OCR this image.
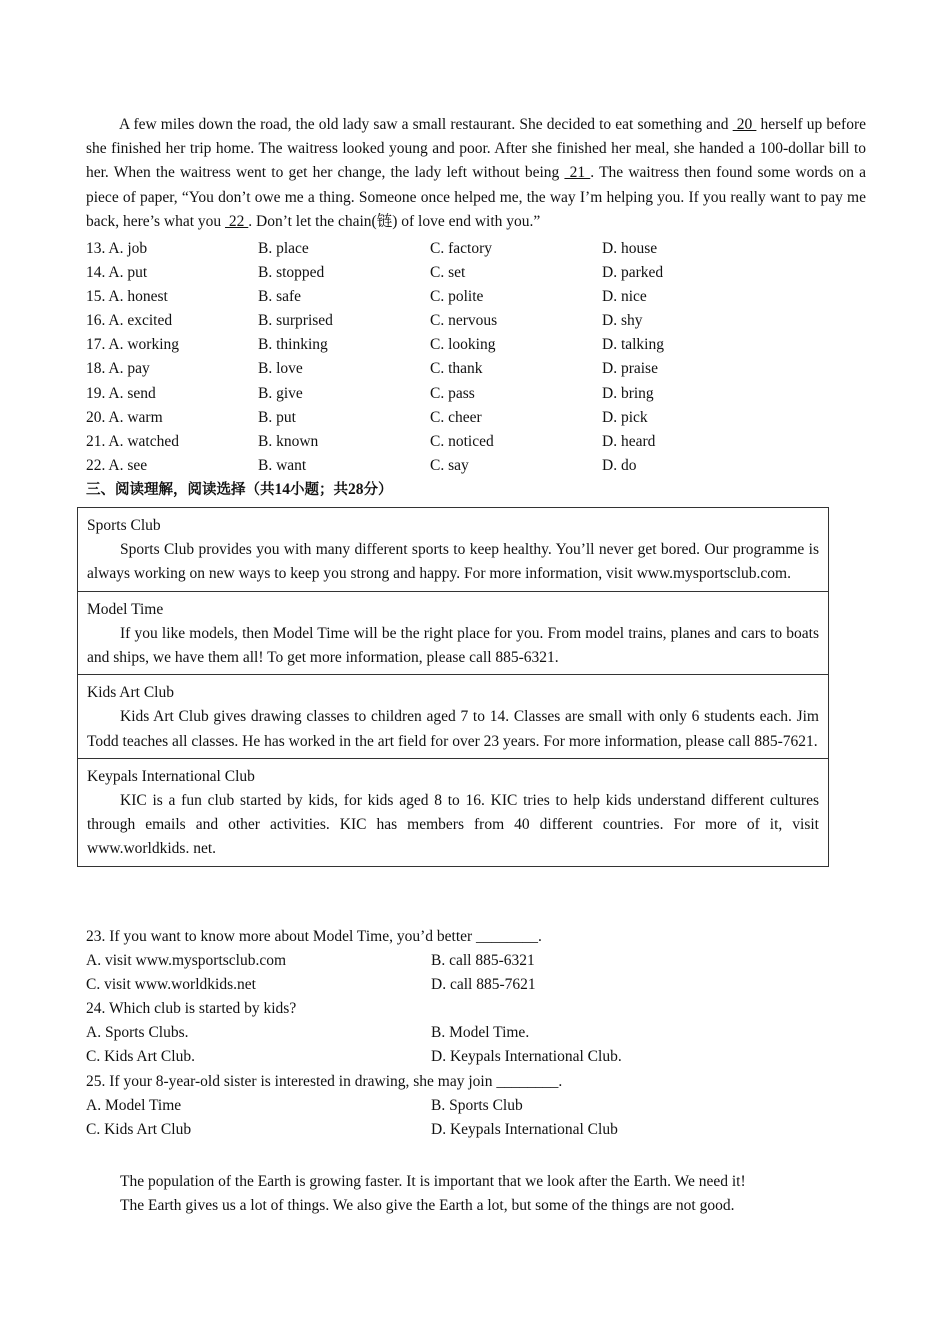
A few miles down the road, the old lady saw a small restaurant. She decided to eat something and  20  herself up before she finished her trip home. The waitress looked young and poor. After she finished her meal, she handed a 100-dollar bill to her. When the waitress went to get her change, the lady left without being  21 . The waitress then found some words on a piece of paper, “You don’t owe me a thing. Someone once helped me, the way I’m helping you. If you really want to pay me back, here’s what you  22 . Don’t let the chain(链) of love end with you.”
13. A. job	B. place	C. factory	D. house
14. A. put	B. stopped	C. set	D. parked
15. A. honest	B. safe	C. polite	D. nice
16. A. excited	B. surprised	C. nervous	D. shy
17. A. working	B. thinking	C. looking	D. talking
18. A. pay	B. love	C. thank	D. praise
19. A. send	B. give	C. pass	D. bring
20. A. warm	B. put	C. cheer	D. pick
21. A. watched	B. known	C. noticed	D. heard
22. A. see	B. want	C. say	D. do
三、阅读理解，阅读选择（共 14 小题；共 28 分）
Sports Club
Sports Club provides you with many different sports to keep healthy. You’ll never get bored. Our programme is always working on new ways to keep you strong and happy. For more information, visit www.mysportsclub.com.
Model Time
If you like models, then Model Time will be the right place for you. From model trains, planes and cars to boats and ships, we have them all! To get more information, please call 885-6321.
Kids Art Club
Kids Art Club gives drawing classes to children aged 7 to 14. Classes are small with only 6 students each. Jim Todd teaches all classes. He has worked in the art field for over 23 years. For more information, please call 885-7621.
Keypals International Club
KIC is a fun club started by kids, for kids aged 8 to 16. KIC tries to help kids understand different cultures through emails and other activities. KIC has members from 40 different countries. For more of it, visit www.worldkids. net.
23. If you want to know more about Model Time, you’d better ________.
A. visit www.mysportsclub.com	B. call 885-6321
C. visit www.worldkids.net	D. call 885-7621
24. Which club is started by kids?
A. Sports Clubs.	B. Model Time.
C. Kids Art Club.	D. Keypals International Club.
25. If your 8-year-old sister is interested in drawing, she may join ________.
A. Model Time	B. Sports Club
C. Kids Art Club	D. Keypals International Club
The population of the Earth is growing faster. It is important that we look after the Earth. We need it!
The Earth gives us a lot of things. We also give the Earth a lot, but some of the things are not good.
